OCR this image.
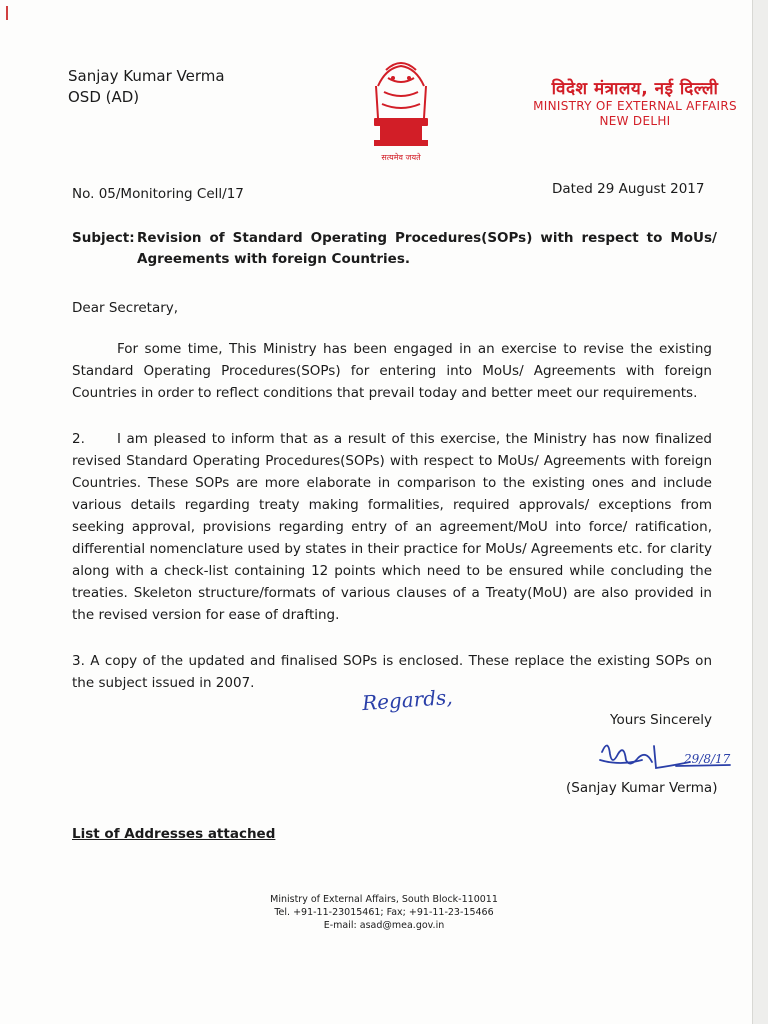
Sanjay Kumar Verma
OSD (AD)
सत्यमेव जयते
विदेश मंत्रालय, नई दिल्ली
MINISTRY OF EXTERNAL AFFAIRS
NEW DELHI
No. 05/Monitoring Cell/17	Dated 29 August 2017
Subject: Revision of Standard Operating Procedures(SOPs) with respect to MoUs/ Agreements with foreign Countries.
Dear Secretary,
For some time, This Ministry has been engaged in an exercise to revise the existing Standard Operating Procedures(SOPs) for entering into MoUs/ Agreements with foreign Countries in order to reflect conditions that prevail today and better meet our requirements.
2. I am pleased to inform that as a result of this exercise, the Ministry has now finalized revised Standard Operating Procedures(SOPs) with respect to MoUs/ Agreements with foreign Countries. These SOPs are more elaborate in comparison to the existing ones and include various details regarding treaty making formalities, required approvals/ exceptions from seeking approval, provisions regarding entry of an agreement/MoU into force/ ratification, differential nomenclature used by states in their practice for MoUs/ Agreements etc. for clarity along with a check-list containing 12 points which need to be ensured while concluding the treaties. Skeleton structure/formats of various clauses of a Treaty(MoU) are also provided in the revised version for ease of drafting.
3. A copy of the updated and finalised SOPs is enclosed. These replace the existing SOPs on the subject issued in 2007.
Regards,
Yours Sincerely
29/8/17
(Sanjay Kumar Verma)
List of Addresses attached
Ministry of External Affairs, South Block-110011
Tel. +91-11-23015461; Fax; +91-11-23-15466
E-mail: asad@mea.gov.in
